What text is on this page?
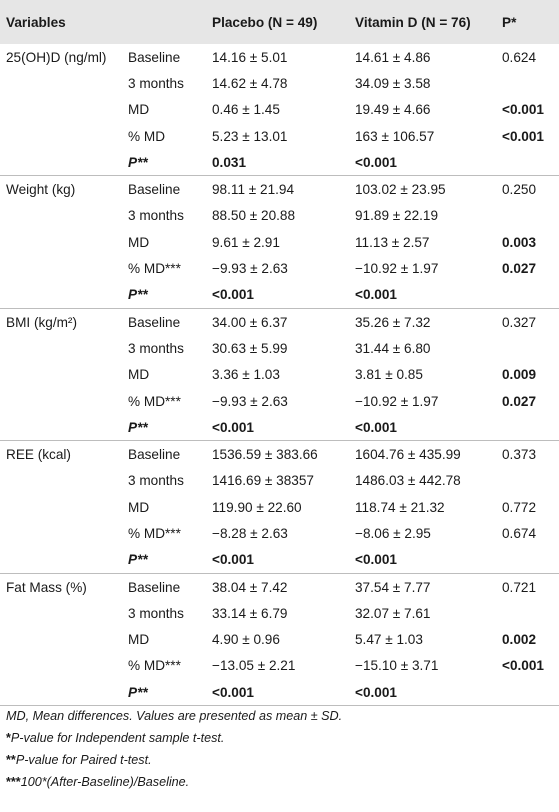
Variables		Placebo (N = 49)	Vitamin D (N = 76)	P*
25(OH)D (ng/ml)	Baseline	14.16 ± 5.01	14.61 ± 4.86	0.624
	3 months	14.62 ± 4.78	34.09 ± 3.58	
	MD	0.46 ± 1.45	19.49 ± 4.66	<0.001
	% MD	5.23 ± 13.01	163 ± 106.57	<0.001
	P**	0.031	<0.001	
Weight (kg)	Baseline	98.11 ± 21.94	103.02 ± 23.95	0.250
	3 months	88.50 ± 20.88	91.89 ± 22.19	
	MD	9.61 ± 2.91	11.13 ± 2.57	0.003
	% MD***	−9.93 ± 2.63	−10.92 ± 1.97	0.027
	P**	<0.001	<0.001	
BMI (kg/m²)	Baseline	34.00 ± 6.37	35.26 ± 7.32	0.327
	3 months	30.63 ± 5.99	31.44 ± 6.80	
	MD	3.36 ± 1.03	3.81 ± 0.85	0.009
	% MD***	−9.93 ± 2.63	−10.92 ± 1.97	0.027
	P**	<0.001	<0.001	
REE (kcal)	Baseline	1536.59 ± 383.66	1604.76 ± 435.99	0.373
	3 months	1416.69 ± 38357	1486.03 ± 442.78	
	MD	119.90 ± 22.60	118.74 ± 21.32	0.772
	% MD***	−8.28 ± 2.63	−8.06 ± 2.95	0.674
	P**	<0.001	<0.001	
Fat Mass (%)	Baseline	38.04 ± 7.42	37.54 ± 7.77	0.721
	3 months	33.14 ± 6.79	32.07 ± 7.61	
	MD	4.90 ± 0.96	5.47 ± 1.03	0.002
	% MD***	−13.05 ± 2.21	−15.10 ± 3.71	<0.001
	P**	<0.001	<0.001	
MD, Mean differences. Values are presented as mean ± SD.
*P-value for Independent sample t-test.
**P-value for Paired t-test.
***100*(After-Baseline)/Baseline.
